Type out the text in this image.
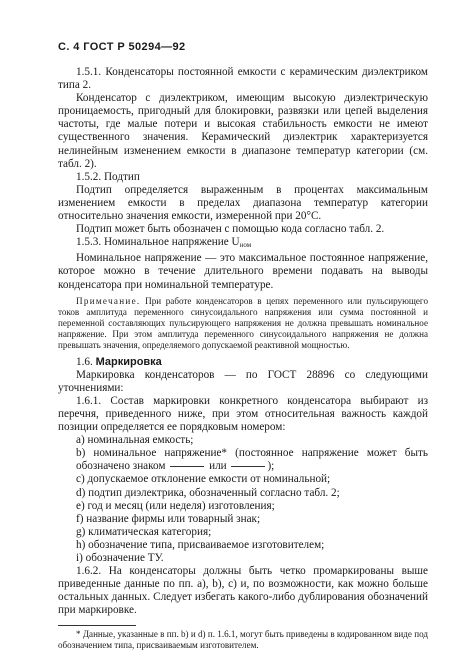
С. 4 ГОСТ Р 50294—92

1.5.1. Конденсаторы постоянной емкости с керамическим диэлектриком типа 2.

Конденсатор с диэлектриком, имеющим высокую диэлектрическую проницаемость, пригодный для блокировки, развязки или цепей выделения частоты, где малые потери и высокая стабильность емкости не имеют существенного значения. Керамический диэлектрик характеризуется нелинейным изменением емкости в диапазоне температур категории (см. табл. 2).

1.5.2. Подтип

Подтип определяется выраженным в процентах максимальным изменением емкости в пределах диапазона температур категории относительно значения емкости, измеренной при 20°С.

Подтип может быть обозначен с помощью кода согласно табл. 2.

1.5.3. Номинальное напряжение $U_{ном}$

Номинальное напряжение — это максимальное постоянное напряжение, которое можно в течение длительного времени подавать на выводы конденсатора при номинальной температуре.

Примечание. При работе конденсаторов в цепях переменного или пульсирующего токов амплитуда переменного синусоидального напряжения или сумма постоянной и переменной составляющих пульсирующего напряжения не должна превышать номинальное напряжение. При этом амплитуда переменного синусоидального напряжения не должна превышать значения, определяемого допускаемой реактивной мощностью.

1.6. Маркировка

Маркировка конденсаторов — по ГОСТ 28896 со следующими уточнениями:

1.6.1. Состав маркировки конкретного конденсатора выбирают из перечня, приведенного ниже, при этом относительная важность каждой позиции определяется ее порядковым номером:

а) номинальная емкость;

b) номинальное напряжение* (постоянное напряжение может быть обозначено знаком	или	);

с) допускаемое отклонение емкости от номинальной;

d) подтип диэлектрика, обозначенный согласно табл. 2;

е) год и месяц (или неделя) изготовления;

f) название фирмы или товарный знак;

g) климатическая категория;

h) обозначение типа, присваиваемое изготовителем;

i) обозначение ТУ.

1.6.2. На конденсаторы должны быть четко промаркированы выше приведенные данные по пп. а), b), с) и, по возможности, как можно больше остальных данных. Следует избегать какого-либо дублирования обозначений при маркировке.

* Данные, указанные в пп. b) и d) п. 1.6.1, могут быть приведены в кодированном виде под обозначением типа, присваиваемым изготовителем.
